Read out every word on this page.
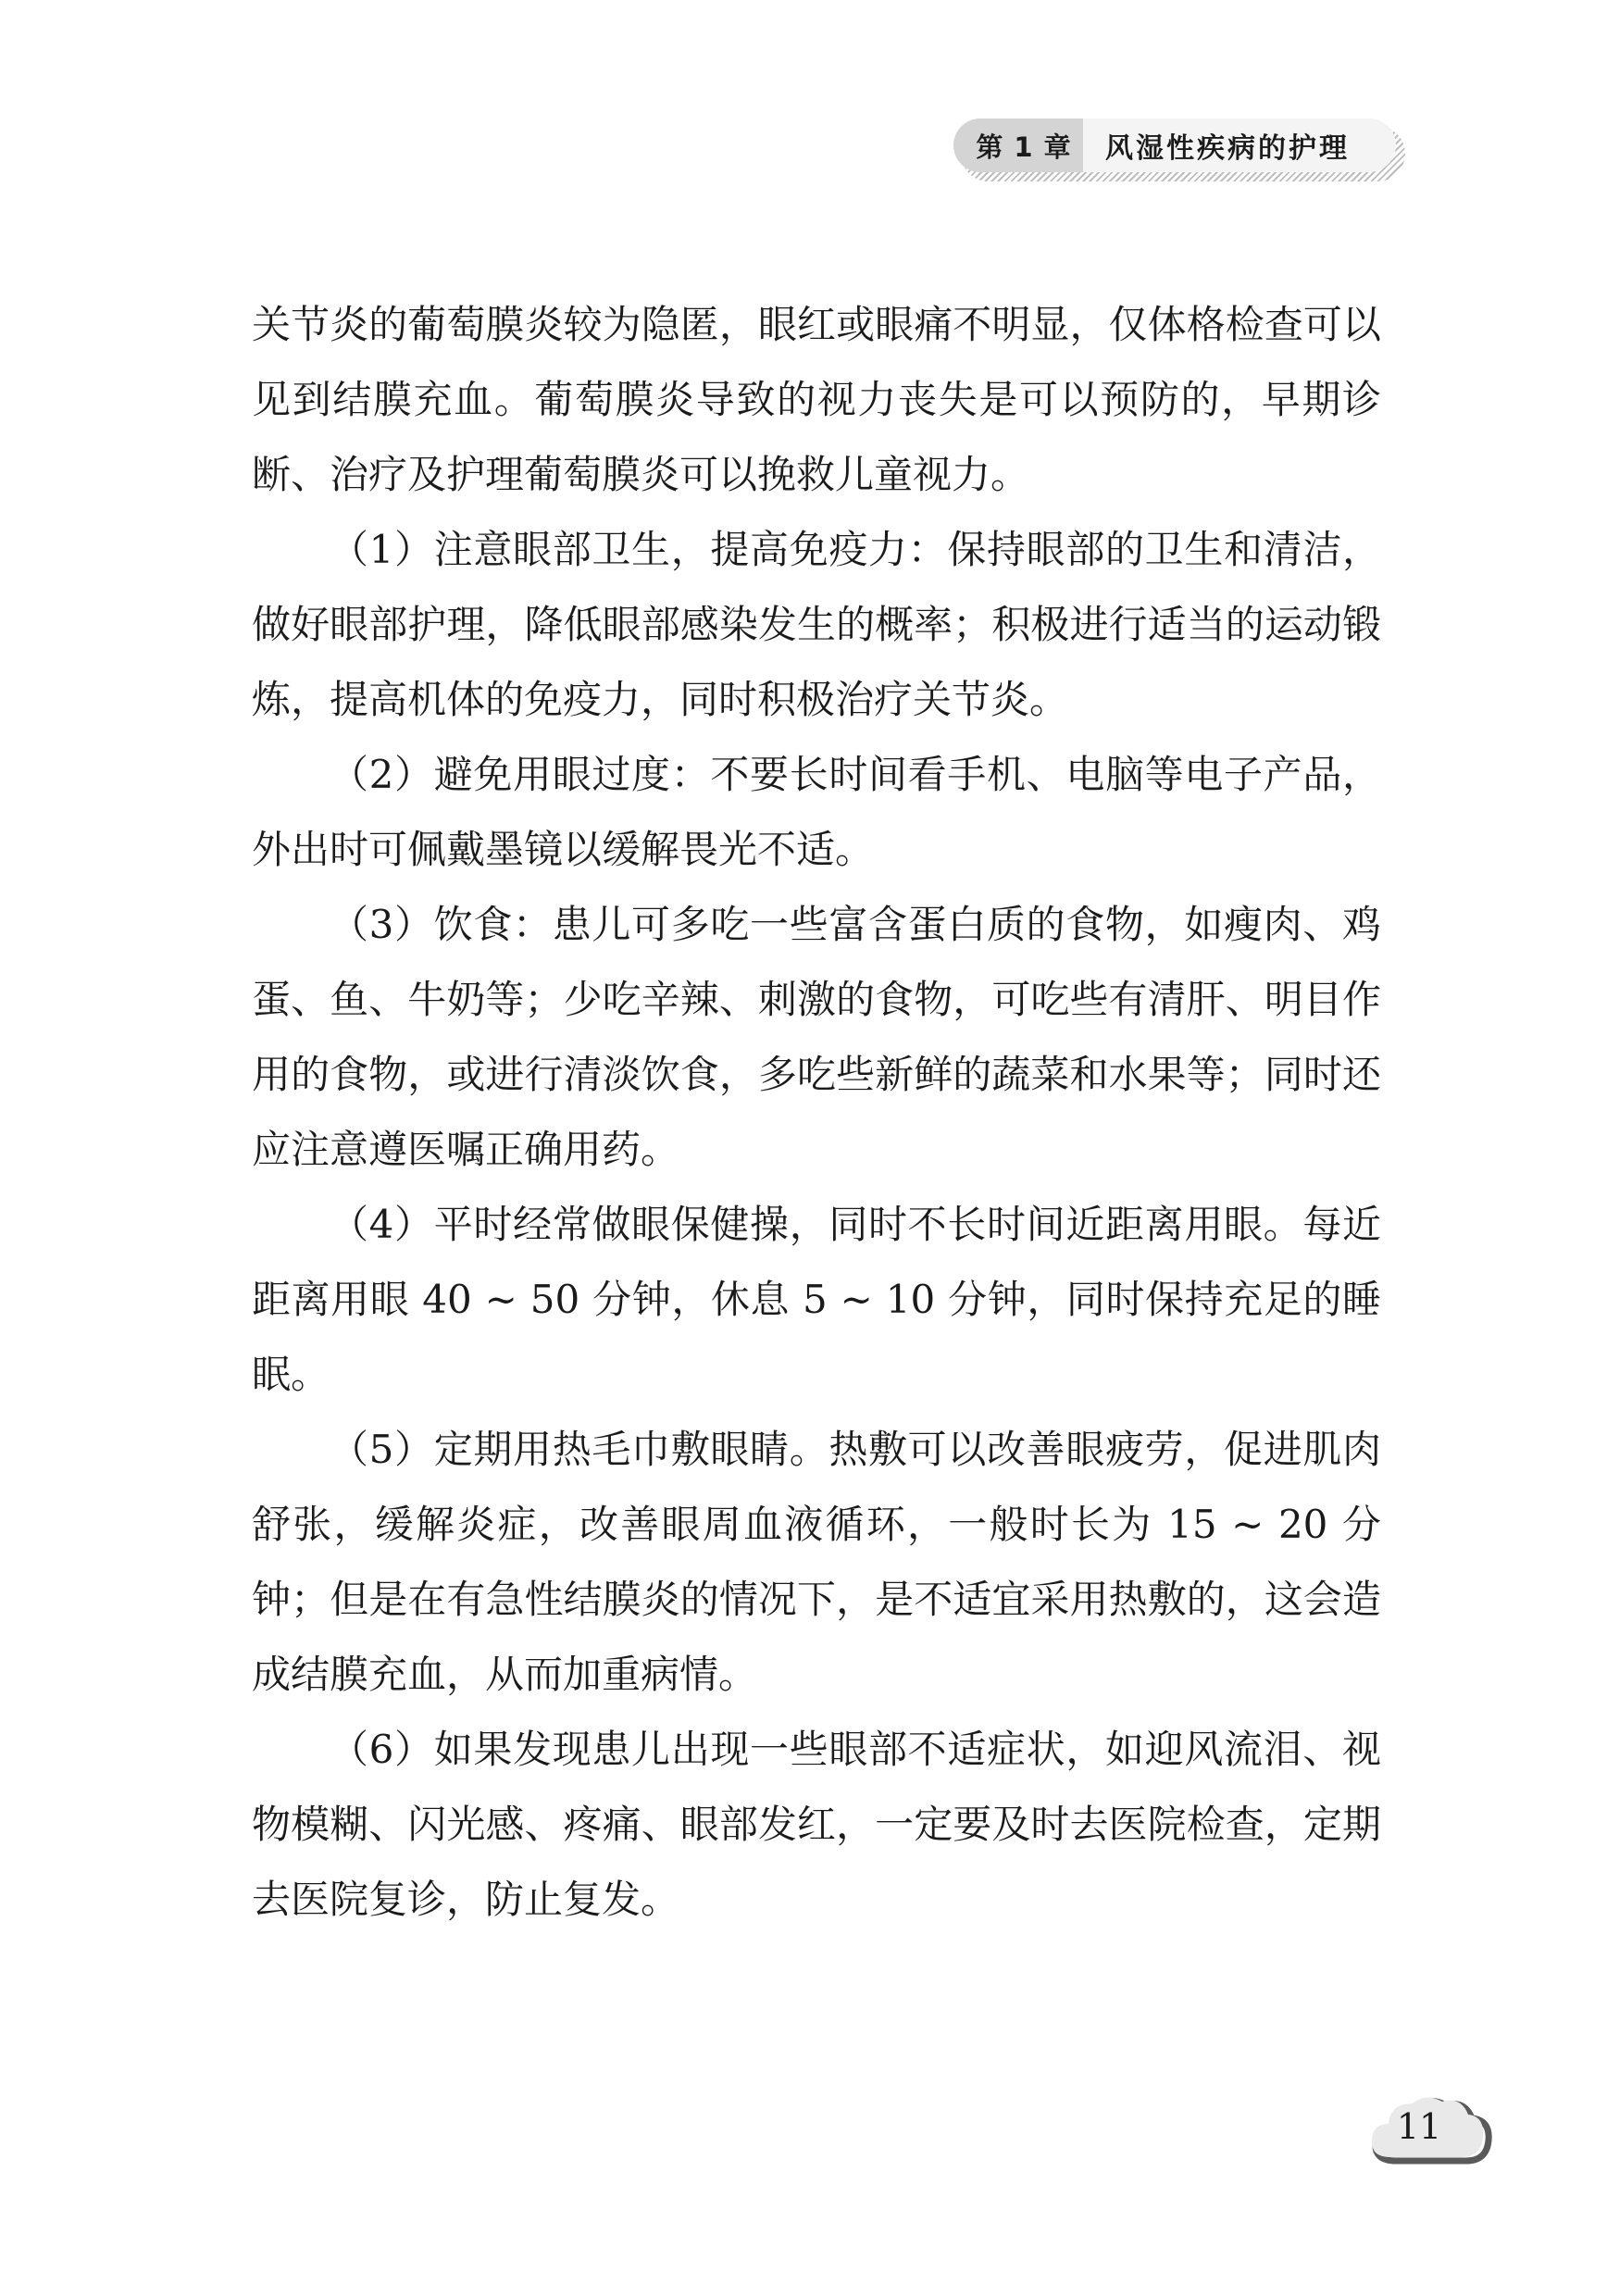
第 1 章	风湿性疾病的护理

关节炎的葡萄膜炎较为隐匿，眼红或眼痛不明显，仅体格检查可以见到结膜充血。葡萄膜炎导致的视力丧失是可以预防的，早期诊断、治疗及护理葡萄膜炎可以挽救儿童视力。

（1）注意眼部卫生，提高免疫力：保持眼部的卫生和清洁，做好眼部护理，降低眼部感染发生的概率；积极进行适当的运动锻炼，提高机体的免疫力，同时积极治疗关节炎。

（2）避免用眼过度：不要长时间看手机、电脑等电子产品，外出时可佩戴墨镜以缓解畏光不适。

（3）饮食：患儿可多吃一些富含蛋白质的食物，如瘦肉、鸡蛋、鱼、牛奶等；少吃辛辣、刺激的食物，可吃些有清肝、明目作用的食物，或进行清淡饮食，多吃些新鲜的蔬菜和水果等；同时还应注意遵医嘱正确用药。

（4）平时经常做眼保健操，同时不长时间近距离用眼。每近距离用眼 40 ~ 50 分钟，休息 5 ~ 10 分钟，同时保持充足的睡眠。

（5）定期用热毛巾敷眼睛。热敷可以改善眼疲劳，促进肌肉舒张，缓解炎症，改善眼周血液循环，一般时长为 15 ~ 20 分钟；但是在有急性结膜炎的情况下，是不适宜采用热敷的，这会造成结膜充血，从而加重病情。

（6）如果发现患儿出现一些眼部不适症状，如迎风流泪、视物模糊、闪光感、疼痛、眼部发红，一定要及时去医院检查，定期去医院复诊，防止复发。

11
